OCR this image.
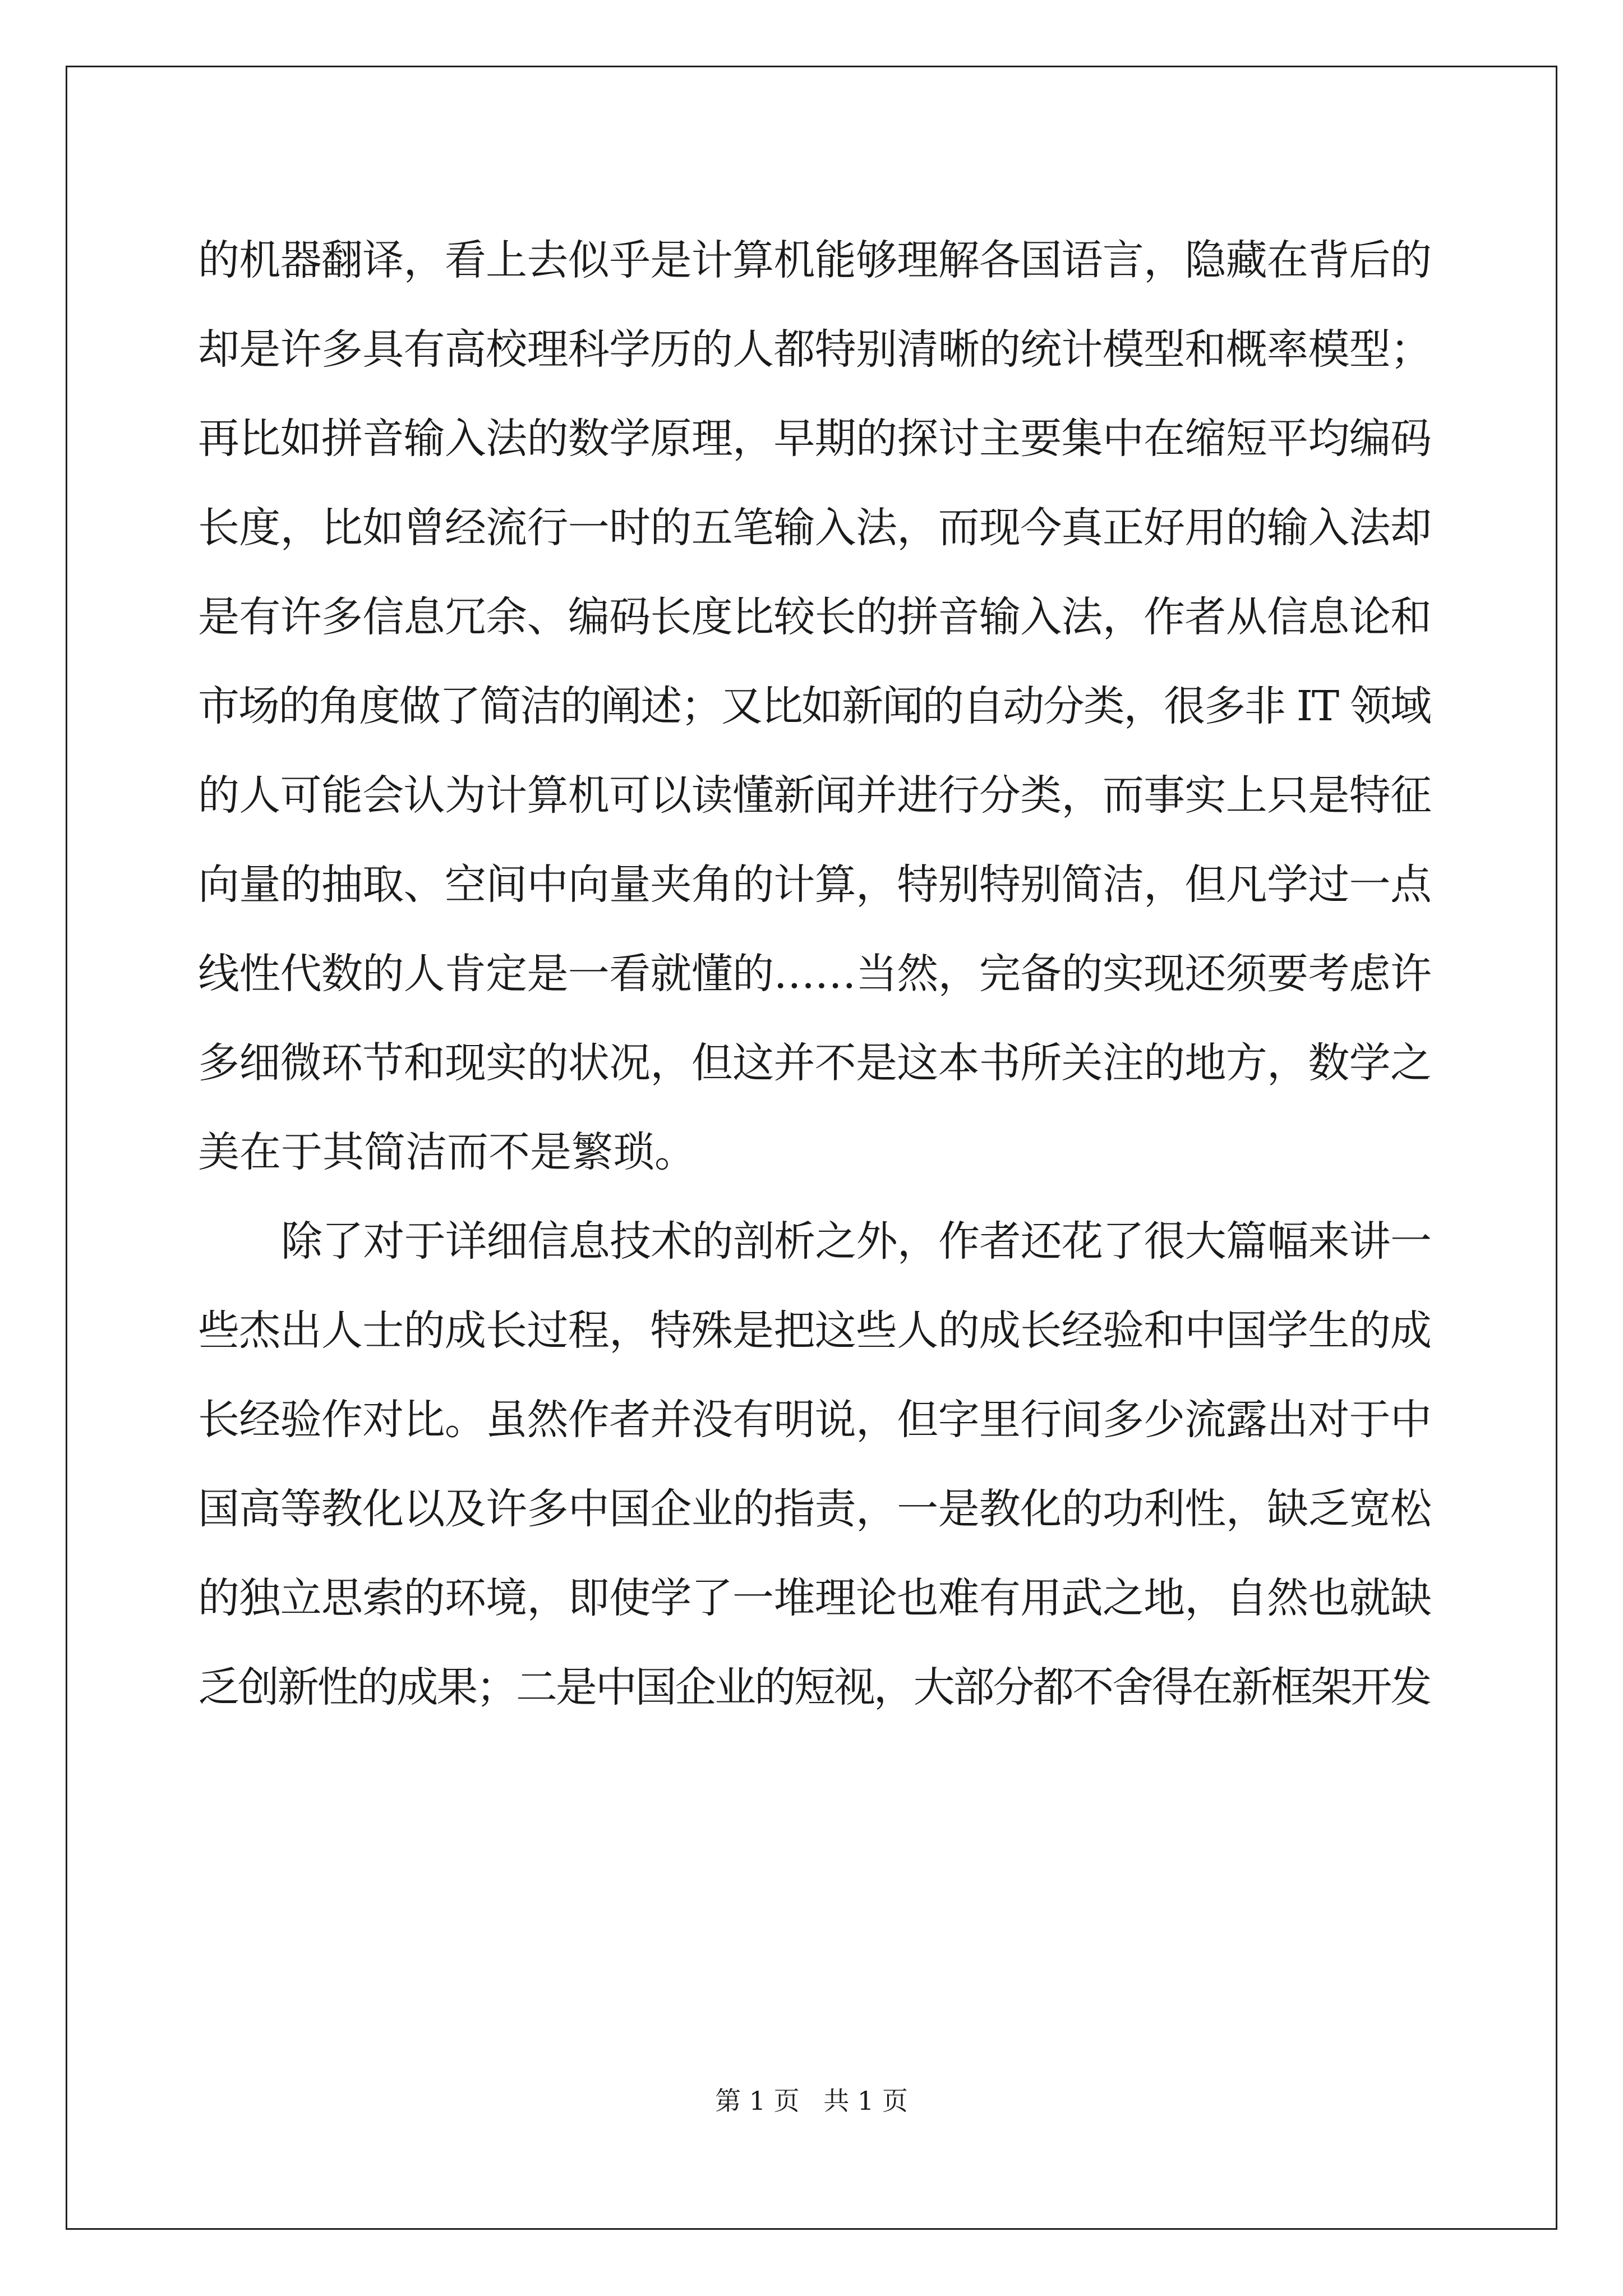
的机器翻译，看上去似乎是计算机能够理解各国语言，隐藏在背后的
却是许多具有高校理科学历的人都特别清晰的统计模型和概率模型；
再比如拼音输入法的数学原理，早期的探讨主要集中在缩短平均编码
长度，比如曾经流行一时的五笔输入法，而现今真正好用的输入法却
是有许多信息冗余、编码长度比较长的拼音输入法，作者从信息论和
市场的角度做了简洁的阐述；又比如新闻的自动分类，很多非 IT 领域
的人可能会认为计算机可以读懂新闻并进行分类，而事实上只是特征
向量的抽取、空间中向量夹角的计算，特别特别简洁，但凡学过一点
线性代数的人肯定是一看就懂的……当然，完备的实现还须要考虑许
多细微环节和现实的状况，但这并不是这本书所关注的地方，数学之
美在于其简洁而不是繁琐。
除了对于详细信息技术的剖析之外，作者还花了很大篇幅来讲一
些杰出人士的成长过程，特殊是把这些人的成长经验和中国学生的成
长经验作对比。虽然作者并没有明说，但字里行间多少流露出对于中
国高等教化以及许多中国企业的指责，一是教化的功利性，缺乏宽松
的独立思索的环境，即使学了一堆理论也难有用武之地，自然也就缺
乏创新性的成果；二是中国企业的短视，大部分都不舍得在新框架开发
第 1 页 共 1 页
